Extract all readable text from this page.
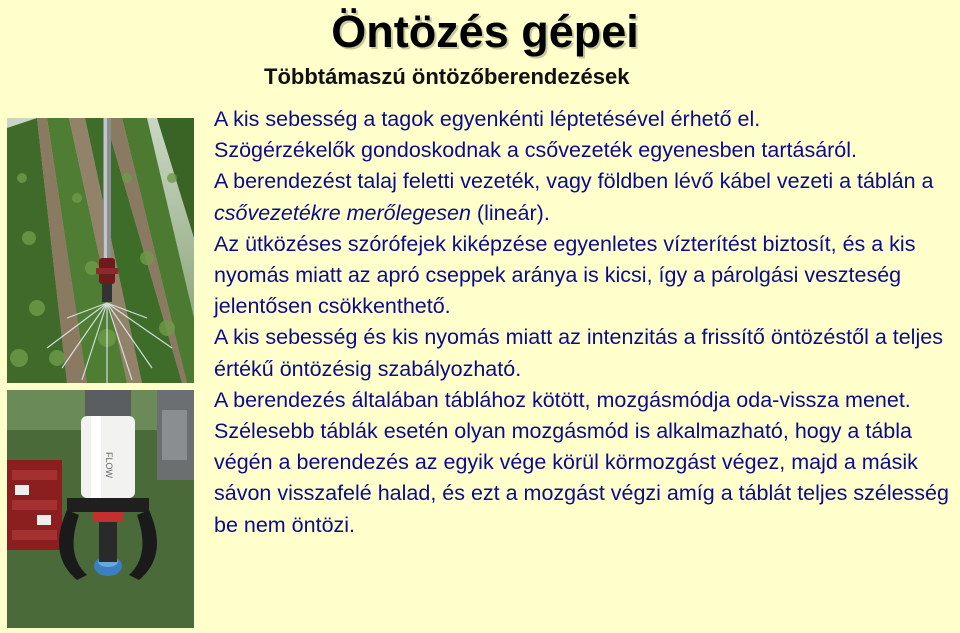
Öntözés gépei
Többtámaszú öntözőberendezések
FLOW

A kis sebesség a tagok egyenkénti léptetésével érhető el.

Szögérzékelők gondoskodnak a csővezeték egyenesben tartásáról.

A berendezést talaj feletti vezeték, vagy földben lévő kábel vezeti a táblán a csővezetékre merőlegesen (lineár).

Az ütközéses szórófejek kiképzése egyenletes vízterítést biztosít, és a kis nyomás miatt az apró cseppek aránya is kicsi, így a párolgási veszteség jelentősen csökkenthető.

A kis sebesség és kis nyomás miatt az intenzitás a frissítő öntözéstől a teljes értékű öntözésig szabályozható.

A berendezés általában táblához kötött, mozgásmódja oda-vissza menet.

Szélesebb táblák esetén olyan mozgásmód is alkalmazható, hogy a tábla végén a berendezés az egyik vége körül körmozgást végez, majd a másik sávon visszafelé halad, és ezt a mozgást végzi amíg a táblát teljes szélesség be nem öntözi.
